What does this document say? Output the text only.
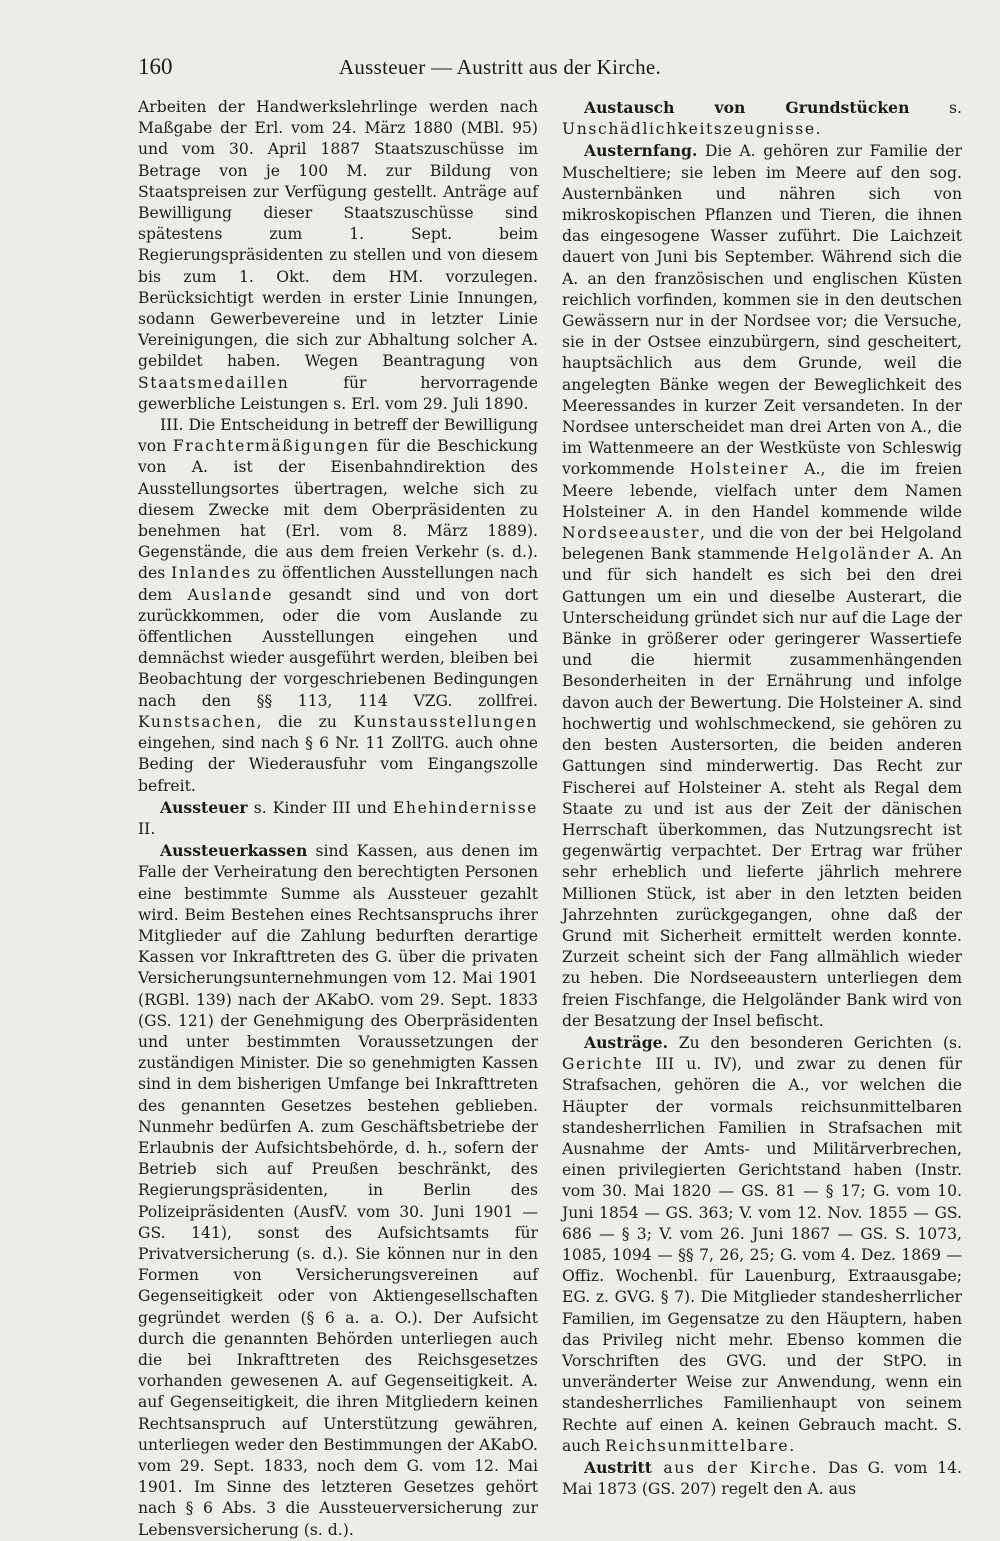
160	Aussteuer — Austritt aus der Kirche.

Arbeiten der Handwerkslehrlinge werden nach Maßgabe der Erl. vom 24. März 1880 (MBl. 95) und vom 30. April 1887 Staatszuschüsse im Betrage von je 100 M. zur Bildung von Staatspreisen zur Verfügung gestellt. Anträge auf Bewilligung dieser Staatszuschüsse sind spätestens zum 1. Sept. beim Regierungspräsidenten zu stellen und von diesem bis zum 1. Okt. dem HM. vorzulegen. Berücksichtigt werden in erster Linie Innungen, sodann Gewerbevereine und in letzter Linie Vereinigungen, die sich zur Abhaltung solcher A. gebildet haben. Wegen Beantragung von Staatsmedaillen für hervorragende gewerbliche Leistungen s. Erl. vom 29. Juli 1890.

III. Die Entscheidung in betreff der Bewilligung von Frachtermäßigungen für die Beschickung von A. ist der Eisenbahndirektion des Ausstellungsortes übertragen, welche sich zu diesem Zwecke mit dem Oberpräsidenten zu benehmen hat (Erl. vom 8. März 1889). Gegenstände, die aus dem freien Verkehr (s. d.). des Inlandes zu öffentlichen Ausstellungen nach dem Auslande gesandt sind und von dort zurückkommen, oder die vom Auslande zu öffentlichen Ausstellungen eingehen und demnächst wieder ausgeführt werden, bleiben bei Beobachtung der vorgeschriebenen Bedingungen nach den §§ 113, 114 VZG. zollfrei. Kunstsachen, die zu Kunstausstellungen eingehen, sind nach § 6 Nr. 11 ZollTG. auch ohne Beding der Wiederausfuhr vom Eingangszolle befreit.

Aussteuer s. Kinder III und Ehehindernisse II.

Aussteuerkassen sind Kassen, aus denen im Falle der Verheiratung den berechtigten Personen eine bestimmte Summe als Aussteuer gezahlt wird. Beim Bestehen eines Rechtsanspruchs ihrer Mitglieder auf die Zahlung bedurften derartige Kassen vor Inkrafttreten des G. über die privaten Versicherungsunternehmungen vom 12. Mai 1901 (RGBl. 139) nach der AKabO. vom 29. Sept. 1833 (GS. 121) der Genehmigung des Oberpräsidenten und unter bestimmten Voraussetzungen der zuständigen Minister. Die so genehmigten Kassen sind in dem bisherigen Umfange bei Inkrafttreten des genannten Gesetzes bestehen geblieben. Nunmehr bedürfen A. zum Geschäftsbetriebe der Erlaubnis der Aufsichtsbehörde, d. h., sofern der Betrieb sich auf Preußen beschränkt, des Regierungspräsidenten, in Berlin des Polizeipräsidenten (AusfV. vom 30. Juni 1901 — GS. 141), sonst des Aufsichtsamts für Privatversicherung (s. d.). Sie können nur in den Formen von Versicherungsvereinen auf Gegenseitigkeit oder von Aktiengesellschaften gegründet werden (§ 6 a. a. O.). Der Aufsicht durch die genannten Behörden unterliegen auch die bei Inkrafttreten des Reichsgesetzes vorhanden gewesenen A. auf Gegenseitigkeit. A. auf Gegenseitigkeit, die ihren Mitgliedern keinen Rechtsanspruch auf Unterstützung gewähren, unterliegen weder den Bestimmungen der AKabO. vom 29. Sept. 1833, noch dem G. vom 12. Mai 1901. Im Sinne des letzteren Gesetzes gehört nach § 6 Abs. 3 die Aussteuerversicherung zur Lebensversicherung (s. d.).

Austausch von Grundstücken s. Unschädlichkeitszeugnisse.

Austernfang. Die A. gehören zur Familie der Muscheltiere; sie leben im Meere auf den sog. Austernbänken und nähren sich von mikroskopischen Pflanzen und Tieren, die ihnen das eingesogene Wasser zuführt. Die Laichzeit dauert von Juni bis September. Während sich die A. an den französischen und englischen Küsten reichlich vorfinden, kommen sie in den deutschen Gewässern nur in der Nordsee vor; die Versuche, sie in der Ostsee einzubürgern, sind gescheitert, hauptsächlich aus dem Grunde, weil die angelegten Bänke wegen der Beweglichkeit des Meeressandes in kurzer Zeit versandeten. In der Nordsee unterscheidet man drei Arten von A., die im Wattenmeere an der Westküste von Schleswig vorkommende Holsteiner A., die im freien Meere lebende, vielfach unter dem Namen Holsteiner A. in den Handel kommende wilde Nordseeauster, und die von der bei Helgoland belegenen Bank stammende Helgoländer A. An und für sich handelt es sich bei den drei Gattungen um ein und dieselbe Austerart, die Unterscheidung gründet sich nur auf die Lage der Bänke in größerer oder geringerer Wassertiefe und die hiermit zusammenhängenden Besonderheiten in der Ernährung und infolge davon auch der Bewertung. Die Holsteiner A. sind hochwertig und wohlschmeckend, sie gehören zu den besten Austersorten, die beiden anderen Gattungen sind minderwertig. Das Recht zur Fischerei auf Holsteiner A. steht als Regal dem Staate zu und ist aus der Zeit der dänischen Herrschaft überkommen, das Nutzungsrecht ist gegenwärtig verpachtet. Der Ertrag war früher sehr erheblich und lieferte jährlich mehrere Millionen Stück, ist aber in den letzten beiden Jahrzehnten zurückgegangen, ohne daß der Grund mit Sicherheit ermittelt werden konnte. Zurzeit scheint sich der Fang allmählich wieder zu heben. Die Nordseeaustern unterliegen dem freien Fischfange, die Helgoländer Bank wird von der Besatzung der Insel befischt.

Austräge. Zu den besonderen Gerichten (s. Gerichte III u. IV), und zwar zu denen für Strafsachen, gehören die A., vor welchen die Häupter der vormals reichsunmittelbaren standesherrlichen Familien in Strafsachen mit Ausnahme der Amts- und Militärverbrechen, einen privilegierten Gerichtstand haben (Instr. vom 30. Mai 1820 — GS. 81 — § 17; G. vom 10. Juni 1854 — GS. 363; V. vom 12. Nov. 1855 — GS. 686 — § 3; V. vom 26. Juni 1867 — GS. S. 1073, 1085, 1094 — §§ 7, 26, 25; G. vom 4. Dez. 1869 — Offiz. Wochenbl. für Lauenburg, Extraausgabe; EG. z. GVG. § 7). Die Mitglieder standesherrlicher Familien, im Gegensatze zu den Häuptern, haben das Privileg nicht mehr. Ebenso kommen die Vorschriften des GVG. und der StPO. in unveränderter Weise zur Anwendung, wenn ein standesherrliches Familienhaupt von seinem Rechte auf einen A. keinen Gebrauch macht. S. auch Reichsunmittelbare.

Austritt aus der Kirche. Das G. vom 14. Mai 1873 (GS. 207) regelt den A. aus
